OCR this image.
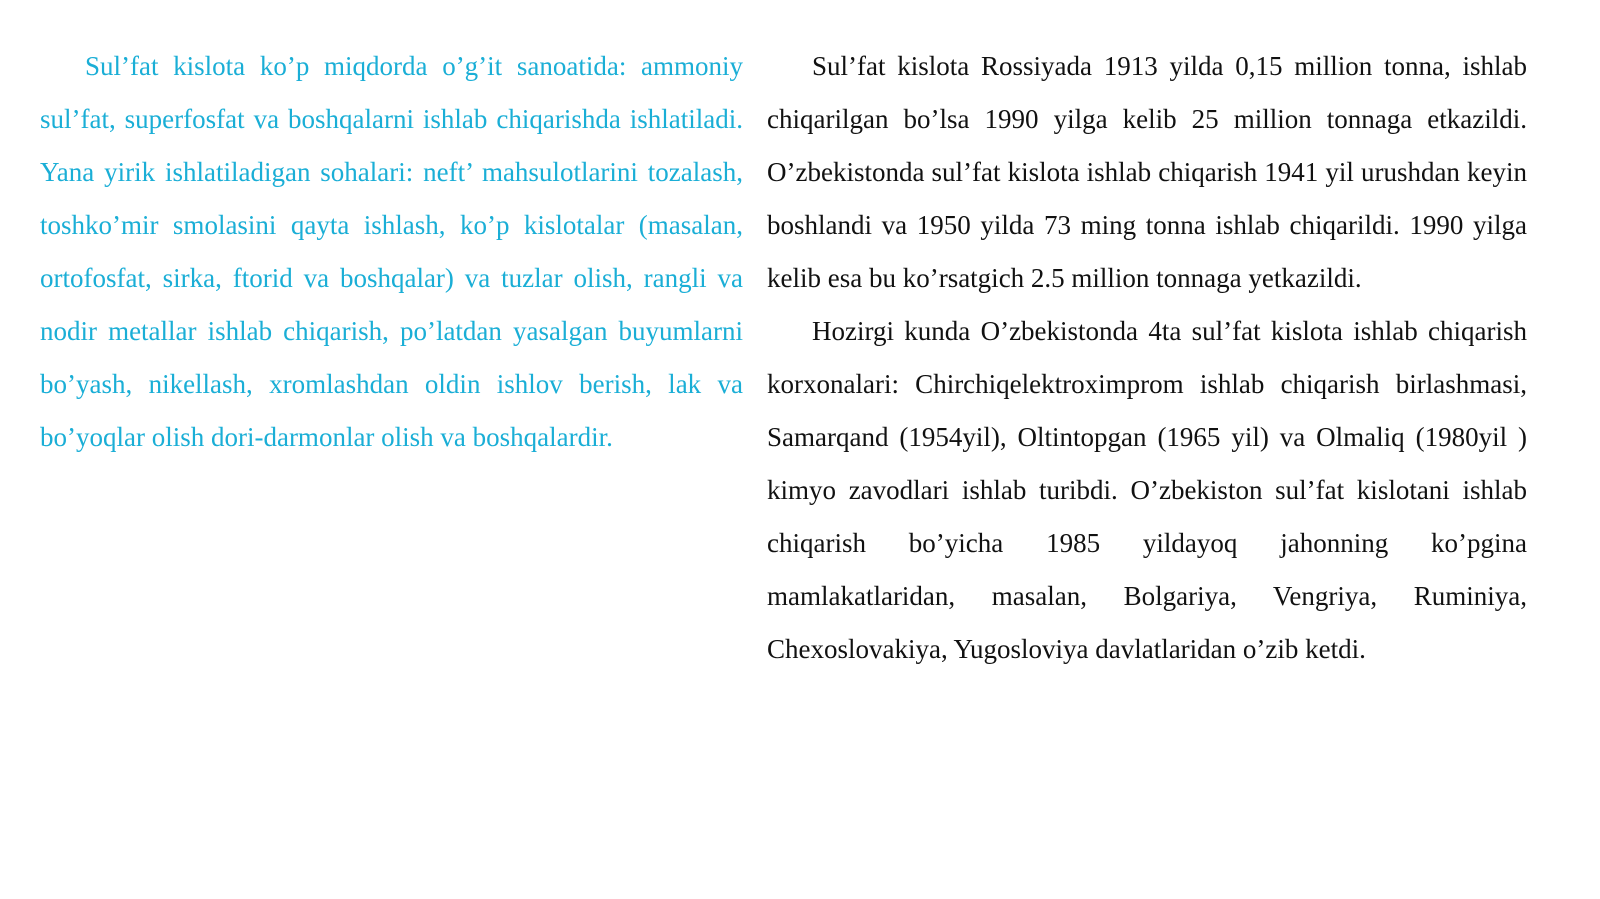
Sul’fat kislota ko’p miqdorda o’g’it sanoatida: ammoniy sul’fat, superfosfat va boshqalarni ishlab chiqarishda ishlatiladi. Yana yirik ishlatiladigan sohalari: neft’ mahsulotlarini tozalash, toshko’mir smolasini qayta ishlash, ko’p kislotalar (masalan, ortofosfat, sirka, ftorid va boshqalar) va tuzlar olish, rangli va nodir metallar ishlab chiqarish, po’latdan yasalgan buyumlarni bo’yash, nikellash, xromlashdan oldin ishlov berish, lak va bo’yoqlar olish dori-darmonlar olish va boshqalardir.

Sul’fat kislota Rossiyada 1913 yilda 0,15 million tonna, ishlab chiqarilgan bo’lsa 1990 yilga kelib 25 million tonnaga etkazildi. O’zbekistonda sul’fat kislota ishlab chiqarish 1941 yil urushdan keyin boshlandi va 1950 yilda 73 ming tonna ishlab chiqarildi. 1990 yilga kelib esa bu ko’rsatgich 2.5 million tonnaga yetkazildi.

Hozirgi kunda O’zbekistonda 4ta sul’fat kislota ishlab chiqarish korxonalari: Chirchiqelektroximprom ishlab chiqarish birlashmasi, Samarqand (1954yil), Oltintopgan (1965 yil) va Olmaliq (1980yil ) kimyo zavodlari ishlab turibdi. O’zbekiston sul’fat kislotani ishlab chiqarish bo’yicha 1985 yildayoq jahonning ko’pgina mamlakatlaridan, masalan, Bolgariya, Vengriya, Ruminiya, Chexoslovakiya, Yugosloviya davlatlaridan o’zib ketdi.
